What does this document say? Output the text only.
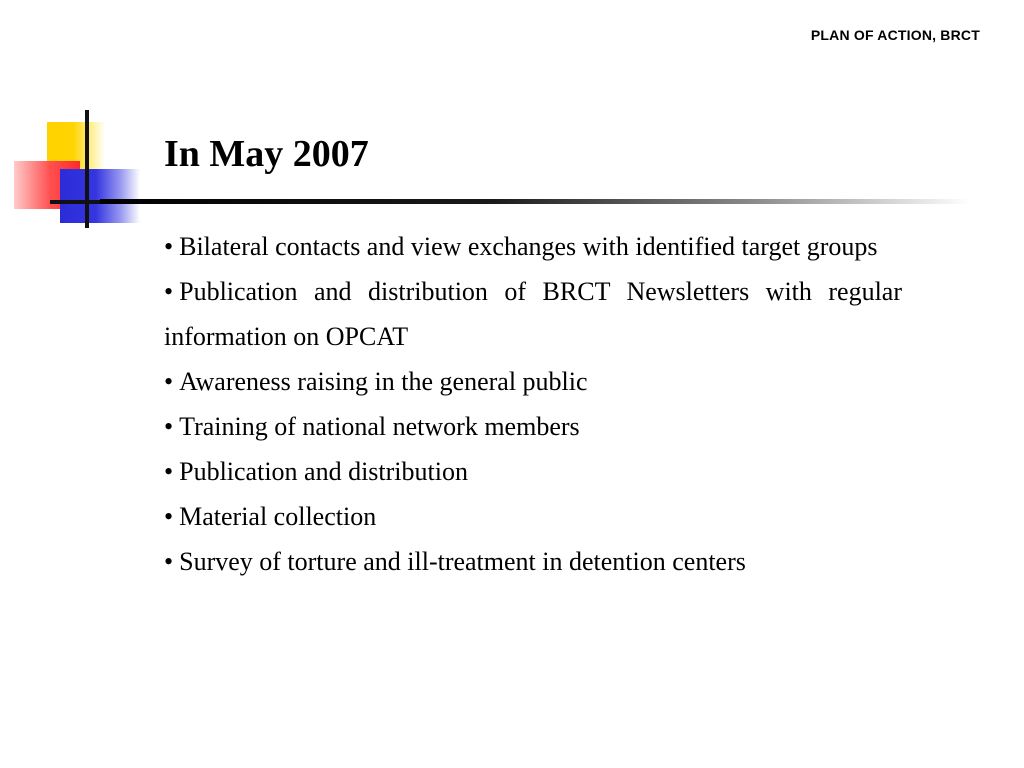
PLAN OF ACTION, BRCT
In May 2007

• Bilateral contacts and view exchanges with identified target groups

• Publication and distribution of BRCT Newsletters with regular information on OPCAT

• Awareness raising in the general public

• Training of national network members

• Publication and distribution

• Material collection

• Survey of torture and ill-treatment in detention centers
